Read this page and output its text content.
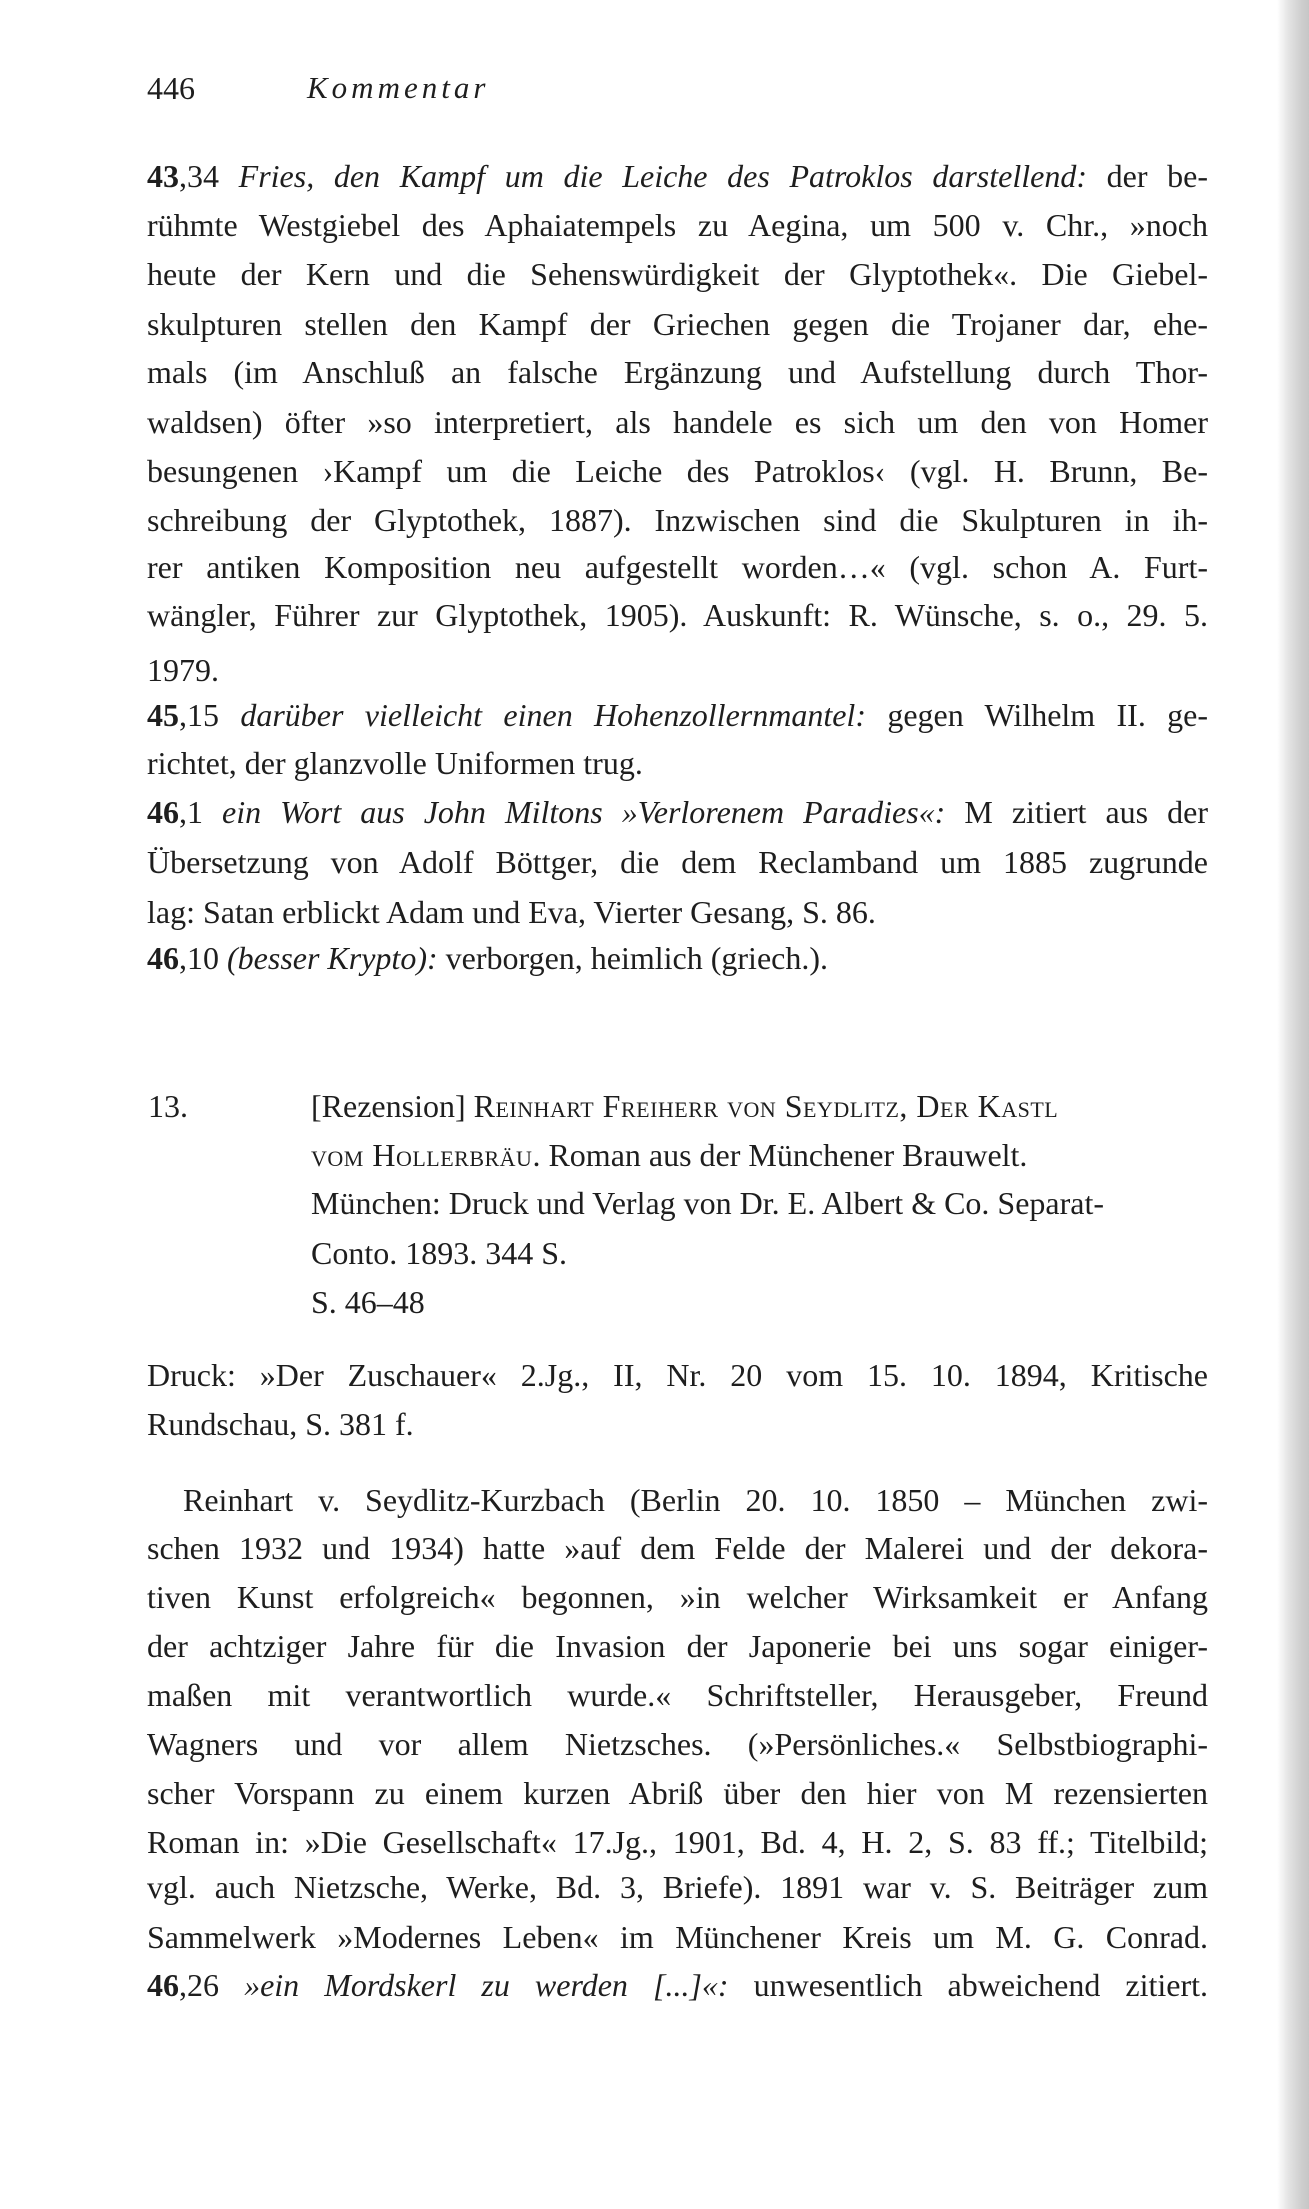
446	Kommentar
43,34 Fries, den Kampf um die Leiche des Patroklos darstellend: der be-
rühmte Westgiebel des Aphaiatempels zu Aegina, um 500 v. Chr., »noch
heute der Kern und die Sehenswürdigkeit der Glyptothek«. Die Giebel-
skulpturen stellen den Kampf der Griechen gegen die Trojaner dar, ehe-
mals (im Anschluß an falsche Ergänzung und Aufstellung durch Thor-
waldsen) öfter »so interpretiert, als handele es sich um den von Homer
besungenen ›Kampf um die Leiche des Patroklos‹ (vgl. H. Brunn, Be-
schreibung der Glyptothek, 1887). Inzwischen sind die Skulpturen in ih-
rer antiken Komposition neu aufgestellt worden…« (vgl. schon A. Furt-
wängler, Führer zur Glyptothek, 1905). Auskunft: R. Wünsche, s. o., 29. 5.
1979.
45,15 darüber vielleicht einen Hohenzollernmantel: gegen Wilhelm II. ge-
richtet, der glanzvolle Uniformen trug.
46,1 ein Wort aus John Miltons »Verlorenem Paradies«: M zitiert aus der
Übersetzung von Adolf Böttger, die dem Reclamband um 1885 zugrunde
lag: Satan erblickt Adam und Eva, Vierter Gesang, S. 86.
46,10 (besser Krypto): verborgen, heimlich (griech.).
13.	[Rezension] Reinhart Freiherr von Seydlitz, Der Kastl
vom Hollerbräu. Roman aus der Münchener Brauwelt.
München: Druck und Verlag von Dr. E. Albert & Co. Separat-
Conto. 1893. 344 S.
S. 46–48
Druck: »Der Zuschauer« 2.Jg., II, Nr. 20 vom 15. 10. 1894, Kritische
Rundschau, S. 381 f.
Reinhart v. Seydlitz-Kurzbach (Berlin 20. 10. 1850 – München zwi-
schen 1932 und 1934) hatte »auf dem Felde der Malerei und der dekora-
tiven Kunst erfolgreich« begonnen, »in welcher Wirksamkeit er Anfang
der achtziger Jahre für die Invasion der Japonerie bei uns sogar einiger-
maßen mit verantwortlich wurde.« Schriftsteller, Herausgeber, Freund
Wagners und vor allem Nietzsches. (»Persönliches.« Selbstbiographi-
scher Vorspann zu einem kurzen Abriß über den hier von M rezensierten
Roman in: »Die Gesellschaft« 17.Jg., 1901, Bd. 4, H. 2, S. 83 ff.; Titelbild;
vgl. auch Nietzsche, Werke, Bd. 3, Briefe). 1891 war v. S. Beiträger zum
Sammelwerk »Modernes Leben« im Münchener Kreis um M. G. Conrad.
46,26 »ein Mordskerl zu werden [...]«: unwesentlich abweichend zitiert.
